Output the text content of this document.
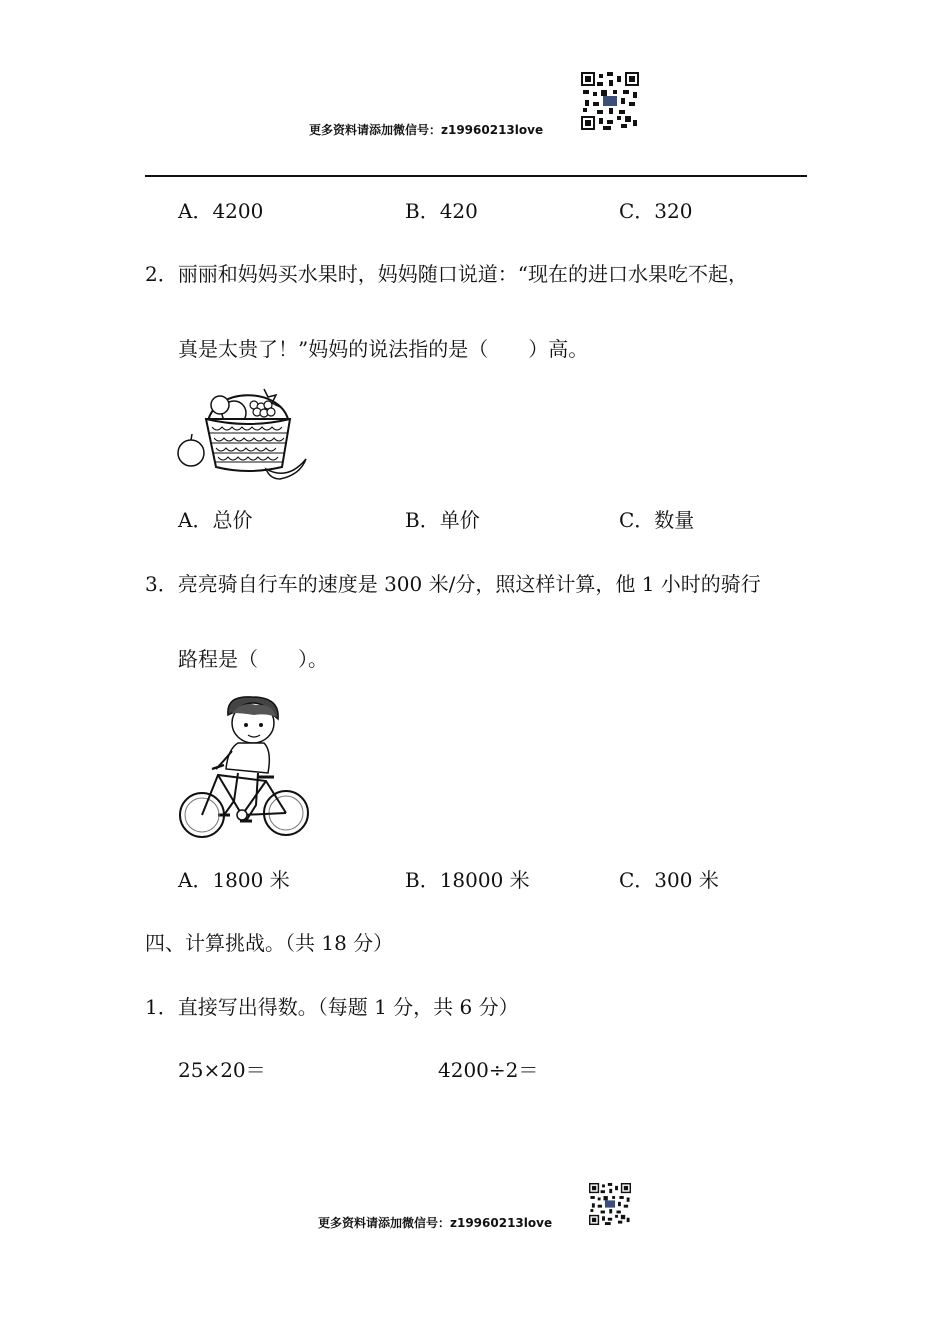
更多资料请添加微信号：z19960213love
A．4200	B．420	C．320
2．丽丽和妈妈买水果时，妈妈随口说道：“现在的进口水果吃不起，
真是太贵了！”妈妈的说法指的是（　　）高。
A．总价	B．单价	C．数量
3．亮亮骑自行车的速度是 300 米/分，照这样计算，他 1 小时的骑行
路程是（　　）。
A．1800 米	B．18000 米	C．300 米
四、计算挑战。（共 18 分）
1．直接写出得数。（每题 1 分，共 6 分）
25×20＝	4200÷2＝
更多资料请添加微信号：z19960213love
